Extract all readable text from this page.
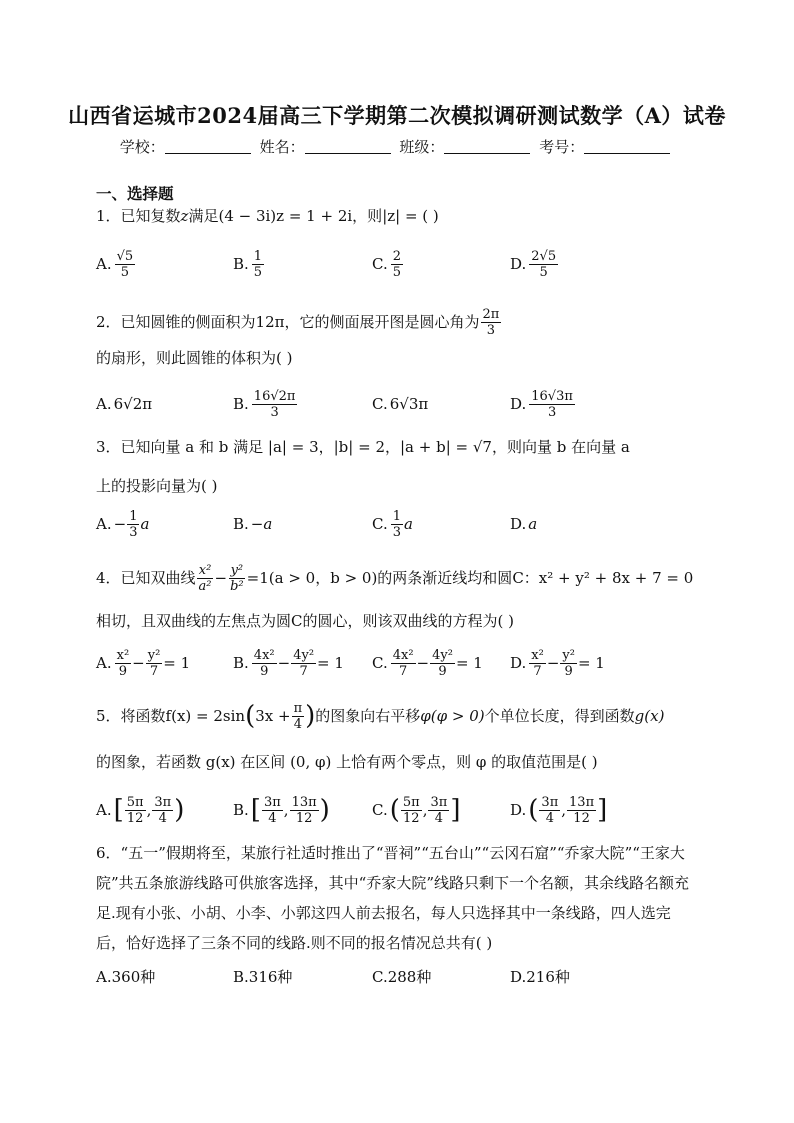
山西省运城市2024届高三下学期第二次模拟调研测试数学（A）试卷
学校：	姓名：	班级：	考号：
一、选择题
1．已知复数z满足(4 − 3i)z = 1 + 2i，则|z| = ( )
A. $\frac{√5}{5}$	B. $\frac{1}{5}$	C. $\frac{2}{5}$	D. $\frac{2√5}{5}$
2．已知圆锥的侧面积为 12π ，它的侧面展开图是圆心角为 $\frac{2\pi}{3}$
的扇形，则此圆锥的体积为( )
A. 6√2π	B. $\frac{16√2\pi}{3}$	C. 6√3π	D. $\frac{16√3\pi}{3}$
3．已知向量 a 和 b 满足 |a| = 3，|b| = 2，|a + b| = √7，则向量 b 在向量 a
上的投影向量为( )
A. − $\frac{1}{3}$ a	B. −a	C. $\frac{1}{3}$ a	D. a
4．已知双曲线 $\frac{\text{x²}}{\text{a²}} - \frac{\text{y²}}{\text{b²}} =1$ (a > 0，b > 0)的两条渐近线均和圆 C：x² + y² + 8x + 7 = 0
相切，且双曲线的左焦点为圆C的圆心，则该双曲线的方程为( )
A. $\frac{\text{x²}}{9} - \frac{\text{y²}}{7} = 1$	B. $\frac{\text{4x²}}{9} - \frac{\text{4y²}}{7} = 1$ C. $\frac{\text{4x²}}{7} - \frac{\text{4y²}}{9} = 1$ D. $\frac{\text{x²}}{7} - \frac{\text{y²}}{9} = 1$
5．将函数 f(x) = 2sin ( $3x + \frac{\pi}{4}$ ) 的图象向右平移 φ(φ > 0) 个单位长度，得到函数 g(x)
的图象，若函数 g(x) 在区间 (0, φ) 上恰有两个零点，则 φ 的取值范围是( )
A. [ $\frac{5\pi}{12}$ , $\frac{3\pi}{4}$ )	B. [ $\frac{3\pi}{4}$ , $\frac{13\pi}{12}$ )	C. ( $\frac{5\pi}{12}$ , $\frac{3\pi}{4}$ ]	D. ( $\frac{3\pi}{4}$ , $\frac{13\pi}{12}$ ]
6．“五一”假期将至，某旅行社适时推出了“晋祠”“五台山”“云冈石窟”“乔家大院”“王家大院”共五条旅游线路可供旅客选择，其中“乔家大院”线路只剩下一个名额，其余线路名额充足.现有小张、小胡、小李、小郭这四人前去报名，每人只选择其中一条线路，四人选完后，恰好选择了三条不同的线路.则不同的报名情况总共有( )
A.360种	B.316种	C.288种	D.216种
